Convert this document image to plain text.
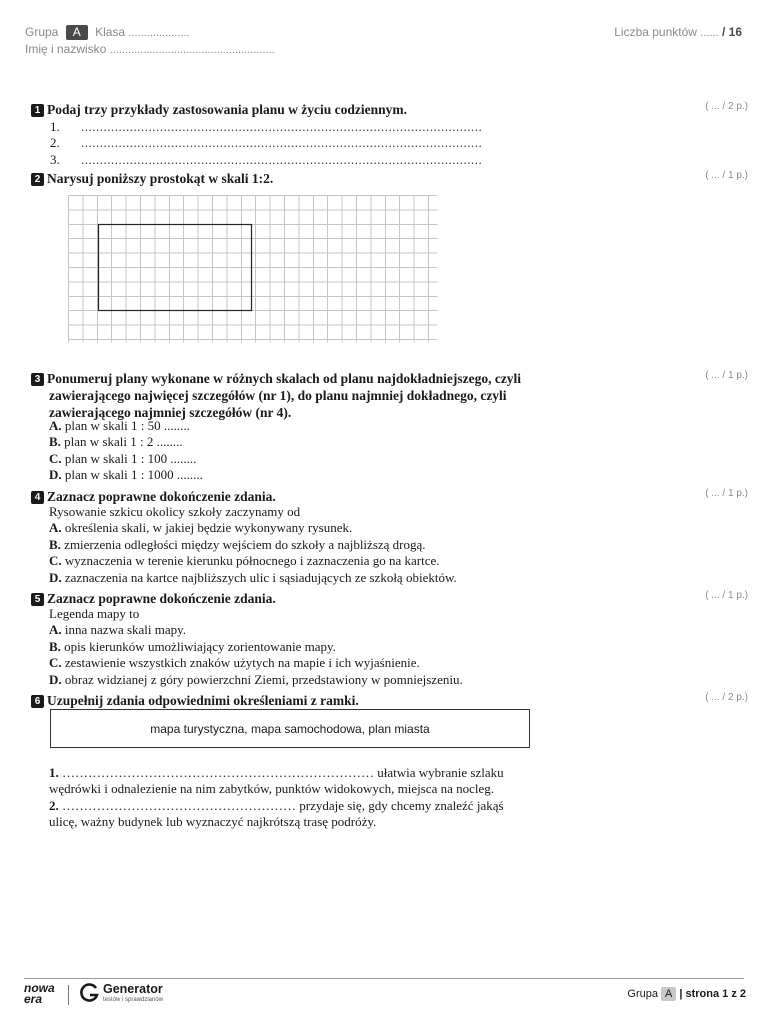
Grupa A Klasa ....................
Imię i nazwisko ......................................................
Liczba punktów ...... / 16
1 Podaj trzy przykłady zastosowania planu w życiu codziennym.	( ... / 2 p.)
1. ...........................................................................................................
2. ...........................................................................................................
3. ...........................................................................................................
2 Narysuj poniższy prostokąt w skali 1:2.	( ... / 1 p.)
3 Ponumeruj plany wykonane w różnych skalach od planu najdokładniejszego, czyli
zawierającego najwięcej szczegółów (nr 1), do planu najmniej dokładnego, czyli
zawierającego najmniej szczegółów (nr 4).
( ... / 1 p.)
A. plan w skali 1 : 50 ........
B. plan w skali 1 : 2 ........
C. plan w skali 1 : 100 ........
D. plan w skali 1 : 1000 ........
4 Zaznacz poprawne dokończenie zdania.	( ... / 1 p.)
Rysowanie szkicu okolicy szkoły zaczynamy od
A. określenia skali, w jakiej będzie wykonywany rysunek.
B. zmierzenia odległości między wejściem do szkoły a najbliższą drogą.
C. wyznaczenia w terenie kierunku północnego i zaznaczenia go na kartce.
D. zaznaczenia na kartce najbliższych ulic i sąsiadujących ze szkołą obiektów.
5 Zaznacz poprawne dokończenie zdania.	( ... / 1 p.)
Legenda mapy to
A. inna nazwa skali mapy.
B. opis kierunków umożliwiający zorientowanie mapy.
C. zestawienie wszystkich znaków użytych na mapie i ich wyjaśnienie.
D. obraz widzianej z góry powierzchni Ziemi, przedstawiony w pomniejszeniu.
6 Uzupełnij zdania odpowiednimi określeniami z ramki.	( ... / 2 p.)
mapa turystyczna, mapa samochodowa, plan miasta
1. ……………………………………………………………… ułatwia wybranie szlaku
wędrówki i odnalezienie na nim zabytków, punktów widokowych, miejsca na nocleg.
2. ……………………………………………… przydaje się, gdy chcemy znaleźć jakąś
ulicę, ważny budynek lub wyznaczyć najkrótszą trasę podróży.
nowa
era
Generator
testów i sprawdzianów	Grupa A | strona 1 z 2
